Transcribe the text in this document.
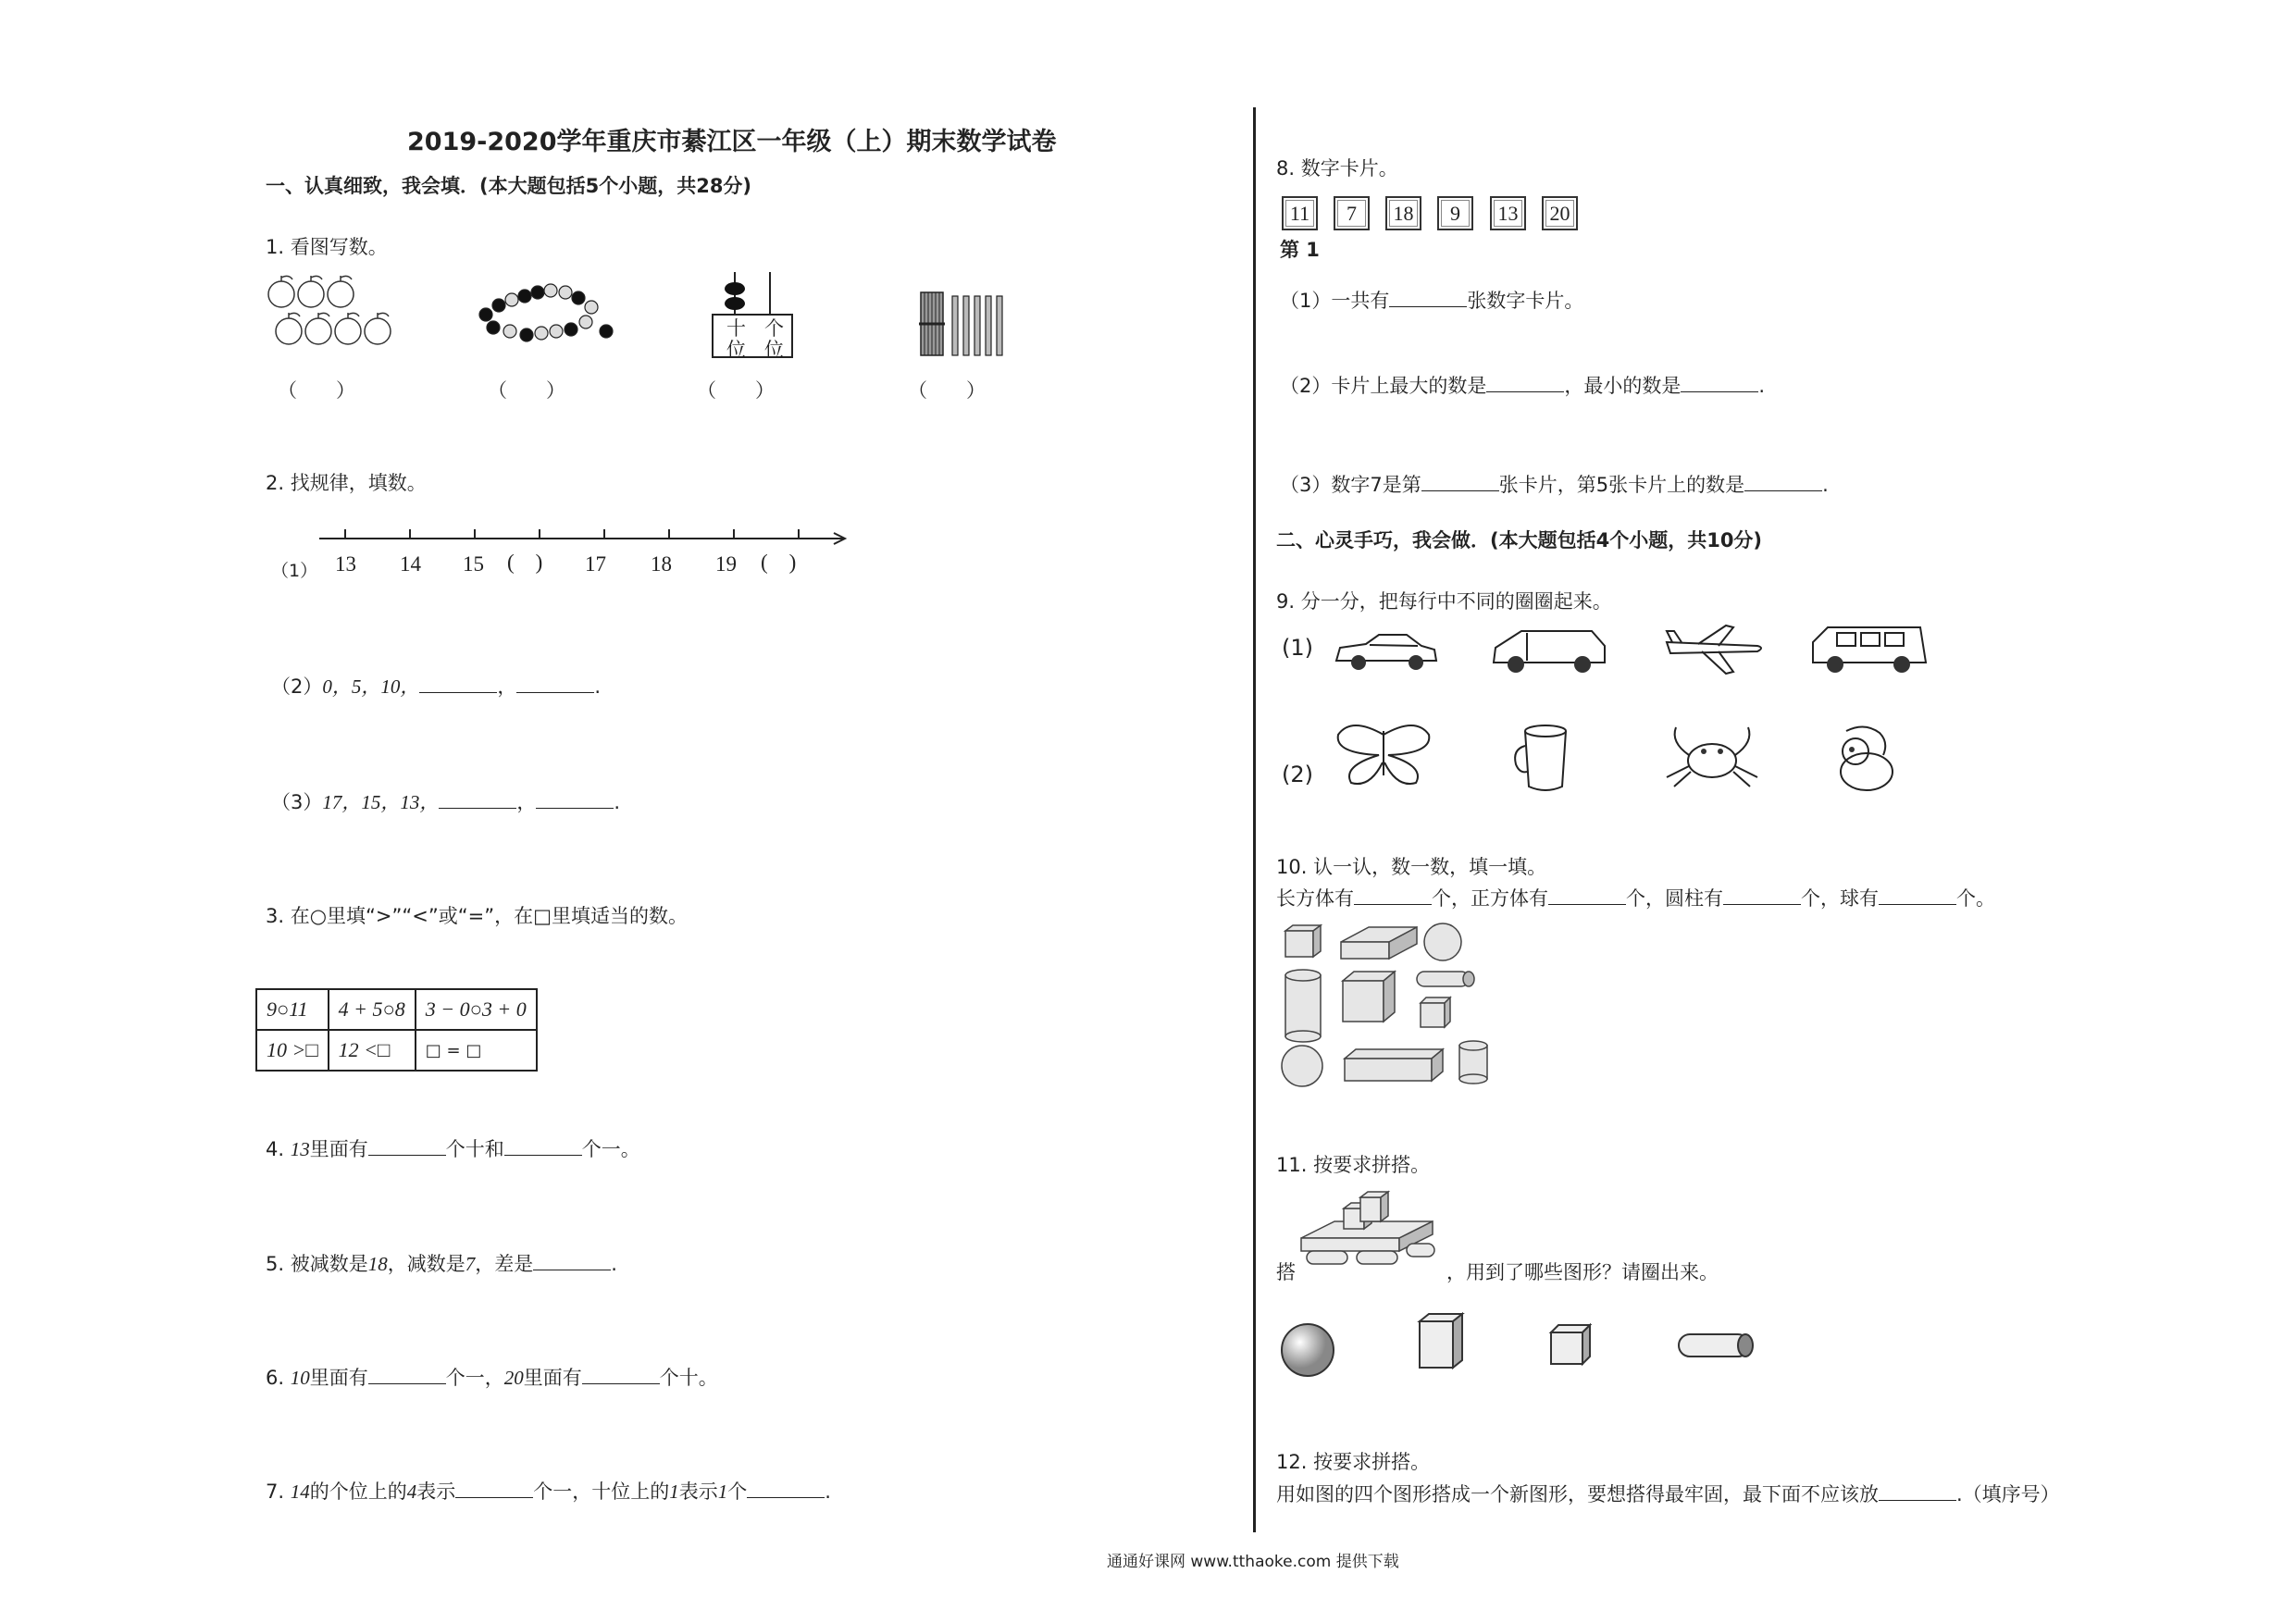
2019-2020学年重庆市綦江区一年级（上）期末数学试卷
一、认真细致，我会填．(本大题包括5个小题，共28分)
1. 看图写数。
十 个
位 位
（　　）	（　　）	（　　）	（　　）
2. 找规律，填数。
（1） 13 14 15 (　) 17 18 19 (　)
（2）0，5，10，	，	.
（3）17，15，13，	，	.
3. 在○里填“>”“<”或“=”，在□里填适当的数。
9○11	4 + 5○8	3 − 0○3 + 0
10 >□	12 <□	□ = □
4. 13里面有	个十和	个一。
5. 被减数是18，减数是7，差是	.
6. 10里面有	个一，20里面有	个十。
7. 14的个位上的4表示	个一，十位上的1表示1个	.
8. 数字卡片。
11	7	18	9	13	20
第 1
（1）一共有	张数字卡片。
（2）卡片上最大的数是	，最小的数是	.
（3）数字7是第	张卡片，第5张卡片上的数是	.
二、心灵手巧，我会做．(本大题包括4个小题，共10分)
9. 分一分，把每行中不同的圈圈起来。
(1)
(2)
10. 认一认，数一数，填一填。
长方体有	个，正方体有	个，圆柱有	个，球有	个。
11. 按要求拼搭。
搭	，用到了哪些图形？请圈出来。
12. 按要求拼搭。
用如图的四个图形搭成一个新图形，要想搭得最牢固，最下面不应该放	.（填序号）
通通好课网 www.tthaoke.com 提供下载
